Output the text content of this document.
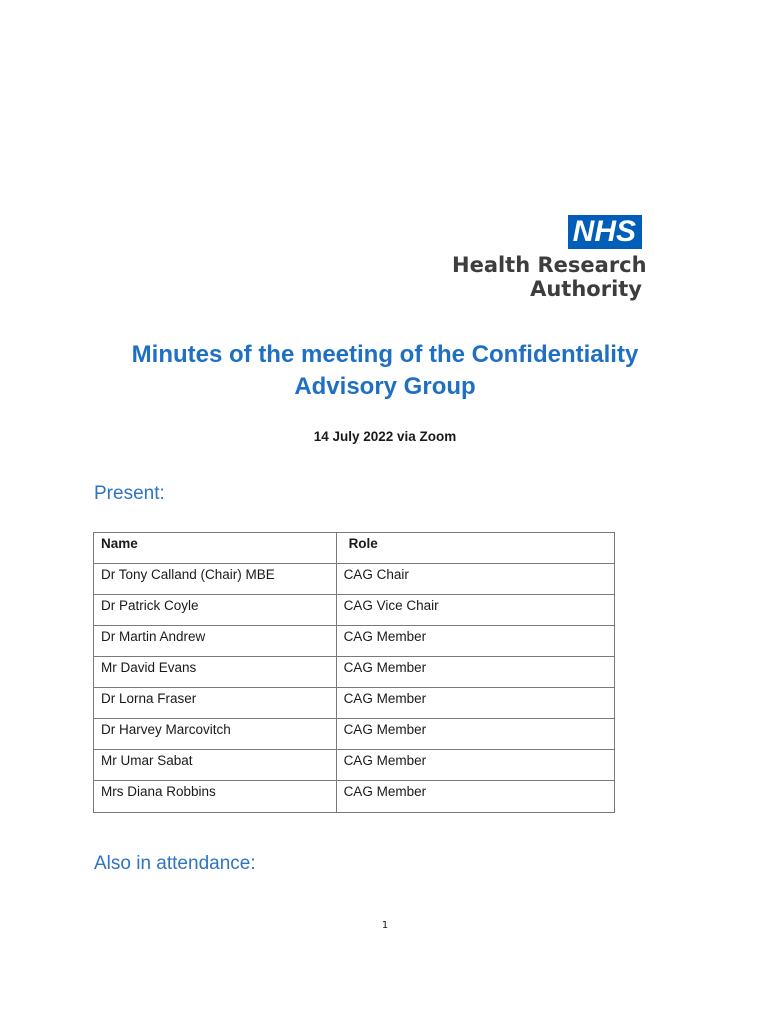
NHS
Health Research
Authority
Minutes of the meeting of the Confidentiality
Advisory Group
14 July 2022 via Zoom
Present:
Name	Role
Dr Tony Calland (Chair) MBE	CAG Chair
Dr Patrick Coyle	CAG Vice Chair
Dr Martin Andrew	CAG Member
Mr David Evans	CAG Member
Dr Lorna Fraser	CAG Member
Dr Harvey Marcovitch	CAG Member
Mr Umar Sabat	CAG Member
Mrs Diana Robbins	CAG Member
Also in attendance:
1
